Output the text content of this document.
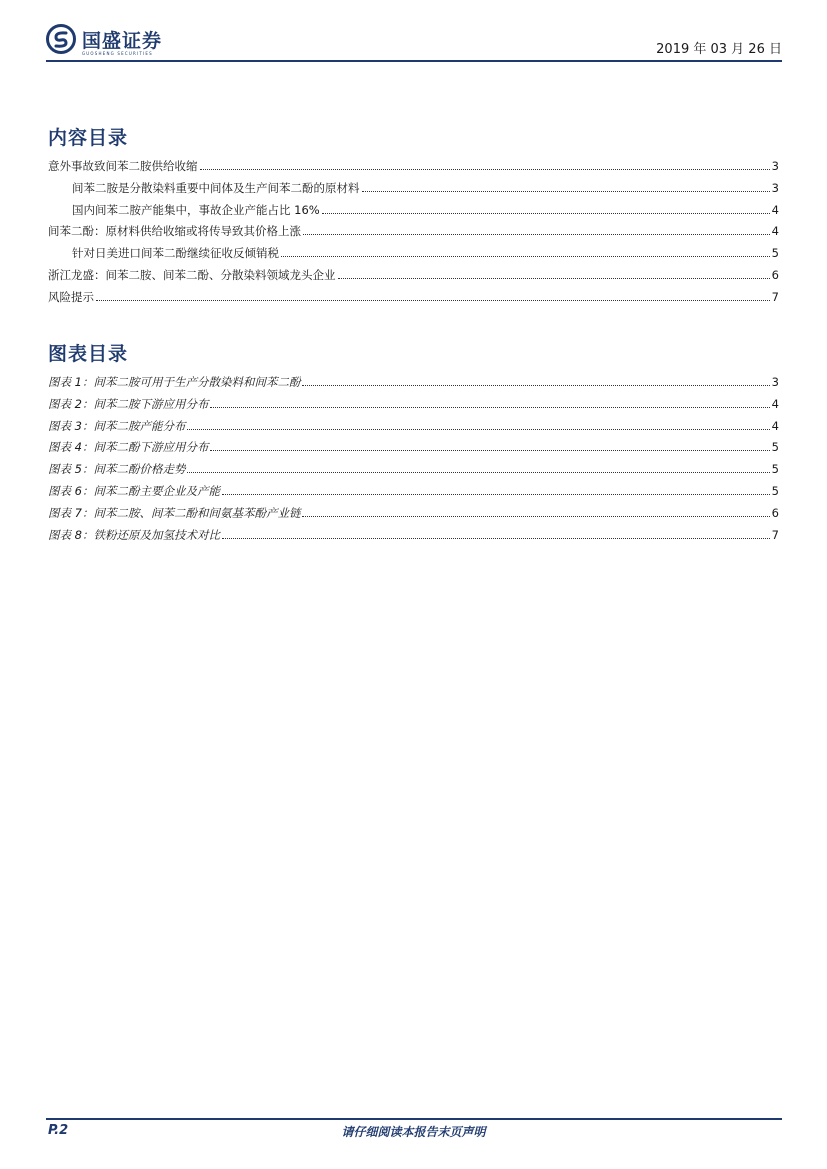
国盛证券
GUOSHENG SECURITIES	2019 年 03 月 26 日
内容目录
意外事故致间苯二胺供给收缩	3
间苯二胺是分散染料重要中间体及生产间苯二酚的原材料	3
国内间苯二胺产能集中，事故企业产能占比 16%	4
间苯二酚：原材料供给收缩或将传导致其价格上涨	4
针对日美进口间苯二酚继续征收反倾销税	5
浙江龙盛：间苯二胺、间苯二酚、分散染料领域龙头企业	6
风险提示	7
图表目录
图表 1：间苯二胺可用于生产分散染料和间苯二酚	3
图表 2：间苯二胺下游应用分布	4
图表 3：间苯二胺产能分布	4
图表 4：间苯二酚下游应用分布	5
图表 5：间苯二酚价格走势	5
图表 6：间苯二酚主要企业及产能	5
图表 7：间苯二胺、间苯二酚和间氨基苯酚产业链	6
图表 8：铁粉还原及加氢技术对比	7
P.2	请仔细阅读本报告末页声明
